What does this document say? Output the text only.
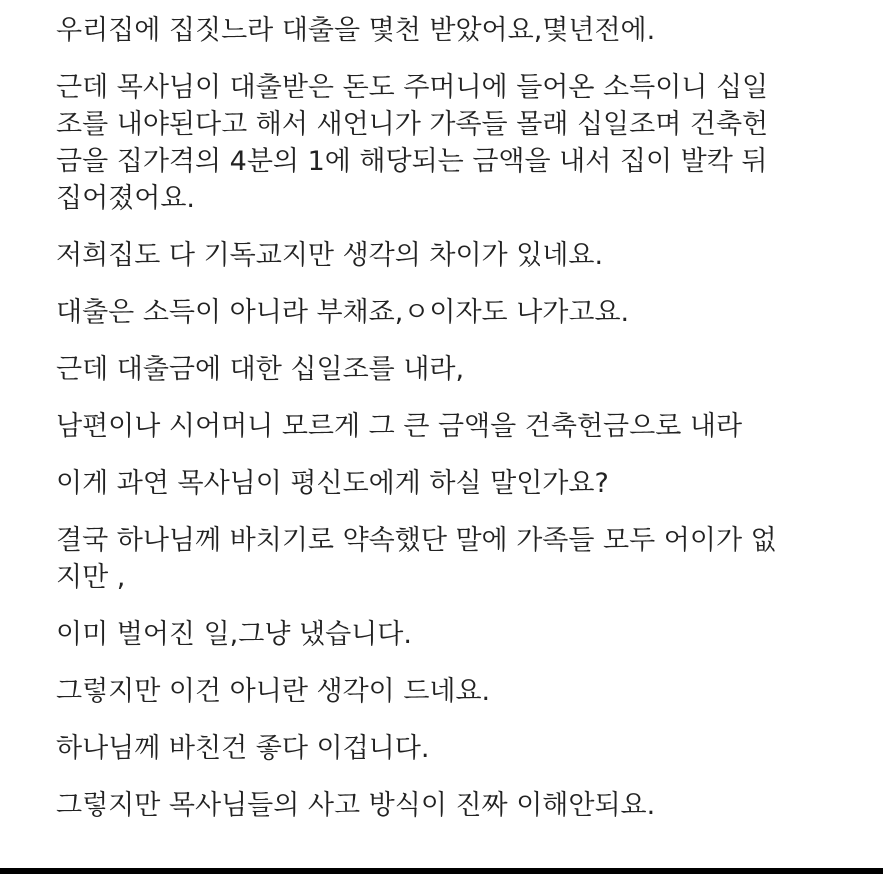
우리집에 집짓느라 대출을 몇천 받았어요,몇년전에.

근데 목사님이 대출받은 돈도 주머니에 들어온 소득이니 십일
조를 내야된다고 해서 새언니가 가족들 몰래 십일조며 건축헌
금을 집가격의 4분의 1에 해당되는 금액을 내서 집이 발칵 뒤
집어졌어요.

저희집도 다 기독교지만 생각의 차이가 있네요.

대출은 소득이 아니라 부채죠,ㅇ이자도 나가고요.

근데 대출금에 대한 십일조를 내라,

남편이나 시어머니 모르게 그 큰 금액을 건축헌금으로 내라

이게 과연 목사님이 평신도에게 하실 말인가요?

결국 하나님께 바치기로 약속했단 말에 가족들 모두 어이가 없
지만 ,

이미 벌어진 일,그냥 냈습니다.

그렇지만 이건 아니란 생각이 드네요.

하나님께 바친건 좋다 이겁니다.

그렇지만 목사님들의 사고 방식이 진짜 이해안되요.
